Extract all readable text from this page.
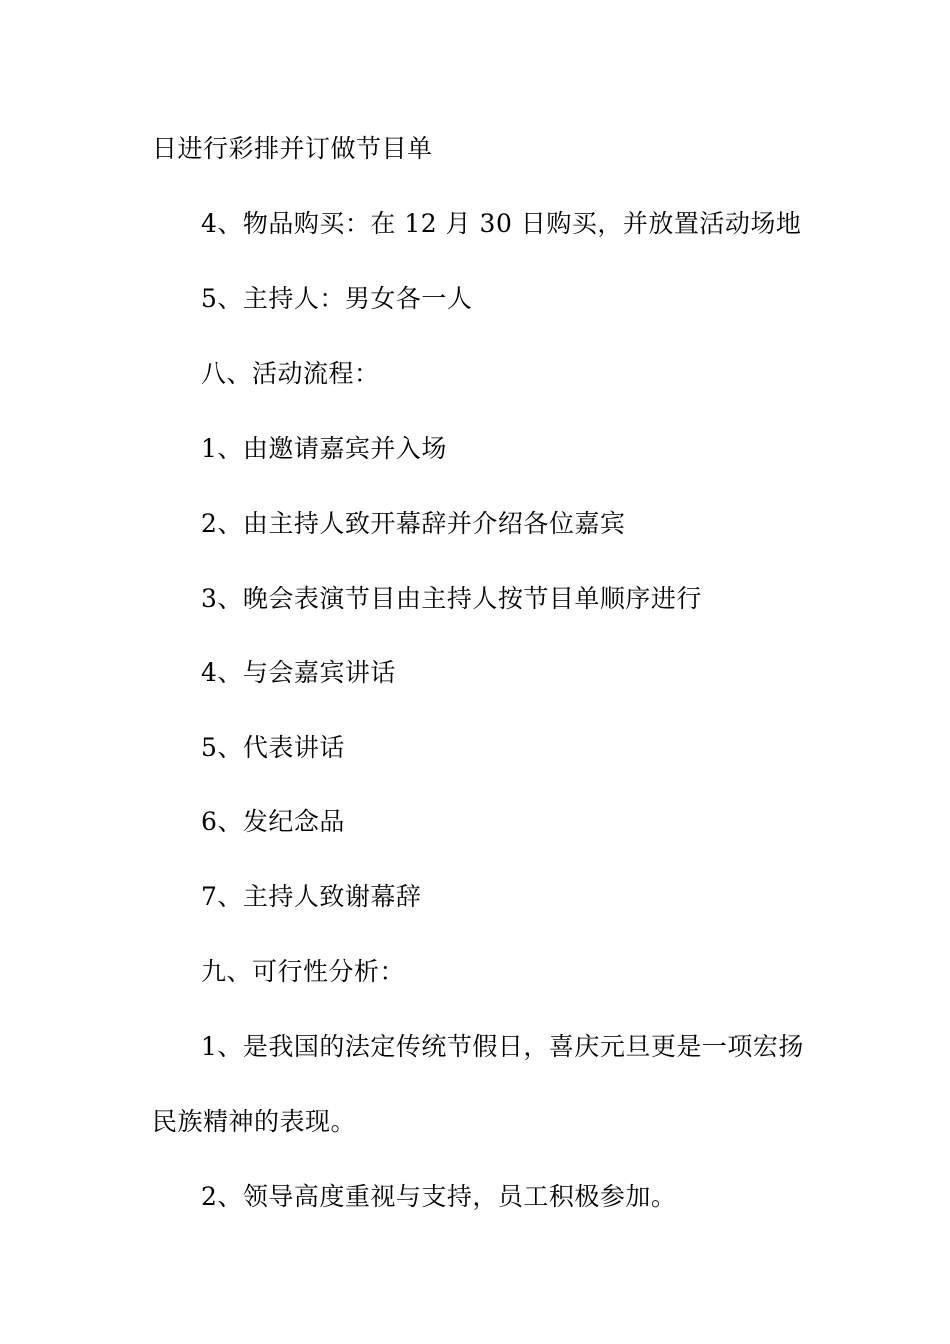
日进行彩排并订做节目单
4、物品购买：在 12 月 30 日购买，并放置活动场地
5、主持人：男女各一人
八、活动流程：
1、由邀请嘉宾并入场
2、由主持人致开幕辞并介绍各位嘉宾
3、晚会表演节目由主持人按节目单顺序进行
4、与会嘉宾讲话
5、代表讲话
6、发纪念品
7、主持人致谢幕辞
九、可行性分析：
1、是我国的法定传统节假日，喜庆元旦更是一项宏扬
民族精神的表现。
2、领导高度重视与支持，员工积极参加。
